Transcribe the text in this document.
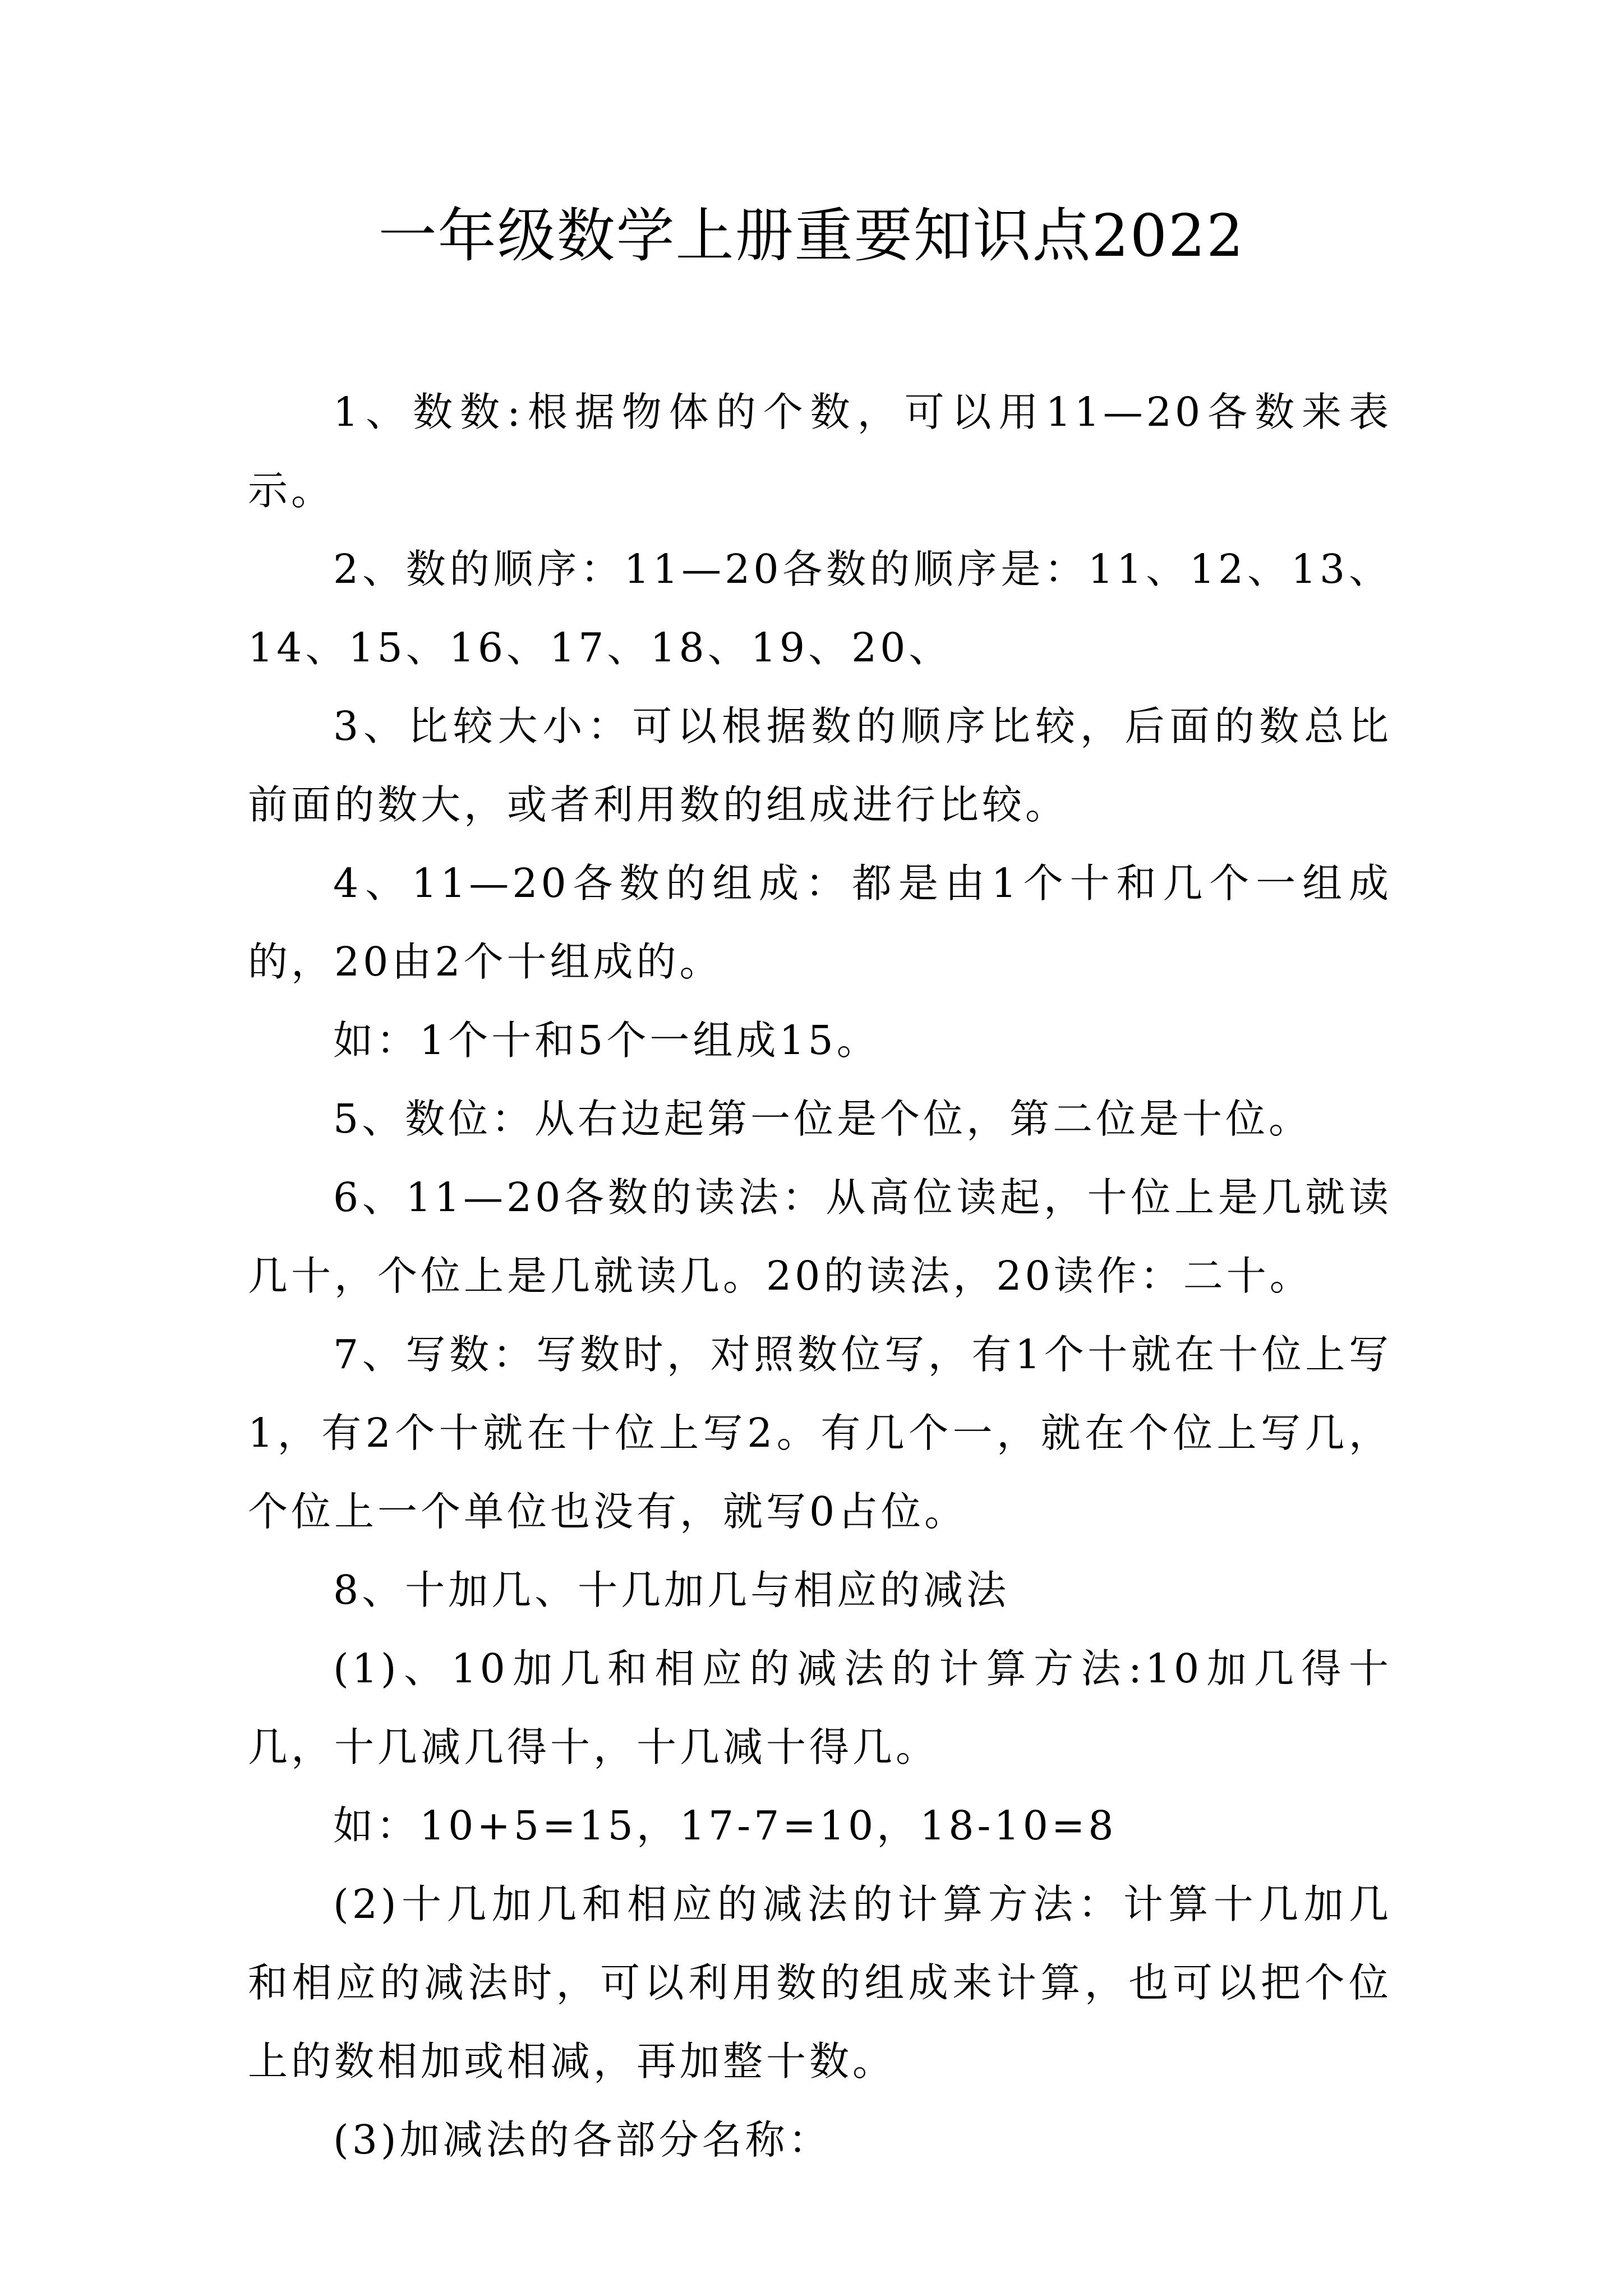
一年级数学上册重要知识点2022

1、数数:根据物体的个数，可以用11—20各数来表示。

2、数的顺序：11—20各数的顺序是：11、12、13、14、15、16、17、18、19、20、

3、比较大小：可以根据数的顺序比较，后面的数总比前面的数大，或者利用数的组成进行比较。

4、11—20各数的组成：都是由1个十和几个一组成的，20由2个十组成的。

如：1个十和5个一组成15。

5、数位：从右边起第一位是个位，第二位是十位。

6、11—20各数的读法：从高位读起，十位上是几就读几十，个位上是几就读几。20的读法，20读作：二十。

7、写数：写数时，对照数位写，有1个十就在十位上写1，有2个十就在十位上写2。有几个一，就在个位上写几，个位上一个单位也没有，就写0占位。

8、十加几、十几加几与相应的减法

(1)、10加几和相应的减法的计算方法:10加几得十几，十几减几得十，十几减十得几。

如：10+5=15，17-7=10，18-10=8

(2)十几加几和相应的减法的计算方法：计算十几加几和相应的减法时，可以利用数的组成来计算，也可以把个位上的数相加或相减，再加整十数。

(3)加减法的各部分名称：
